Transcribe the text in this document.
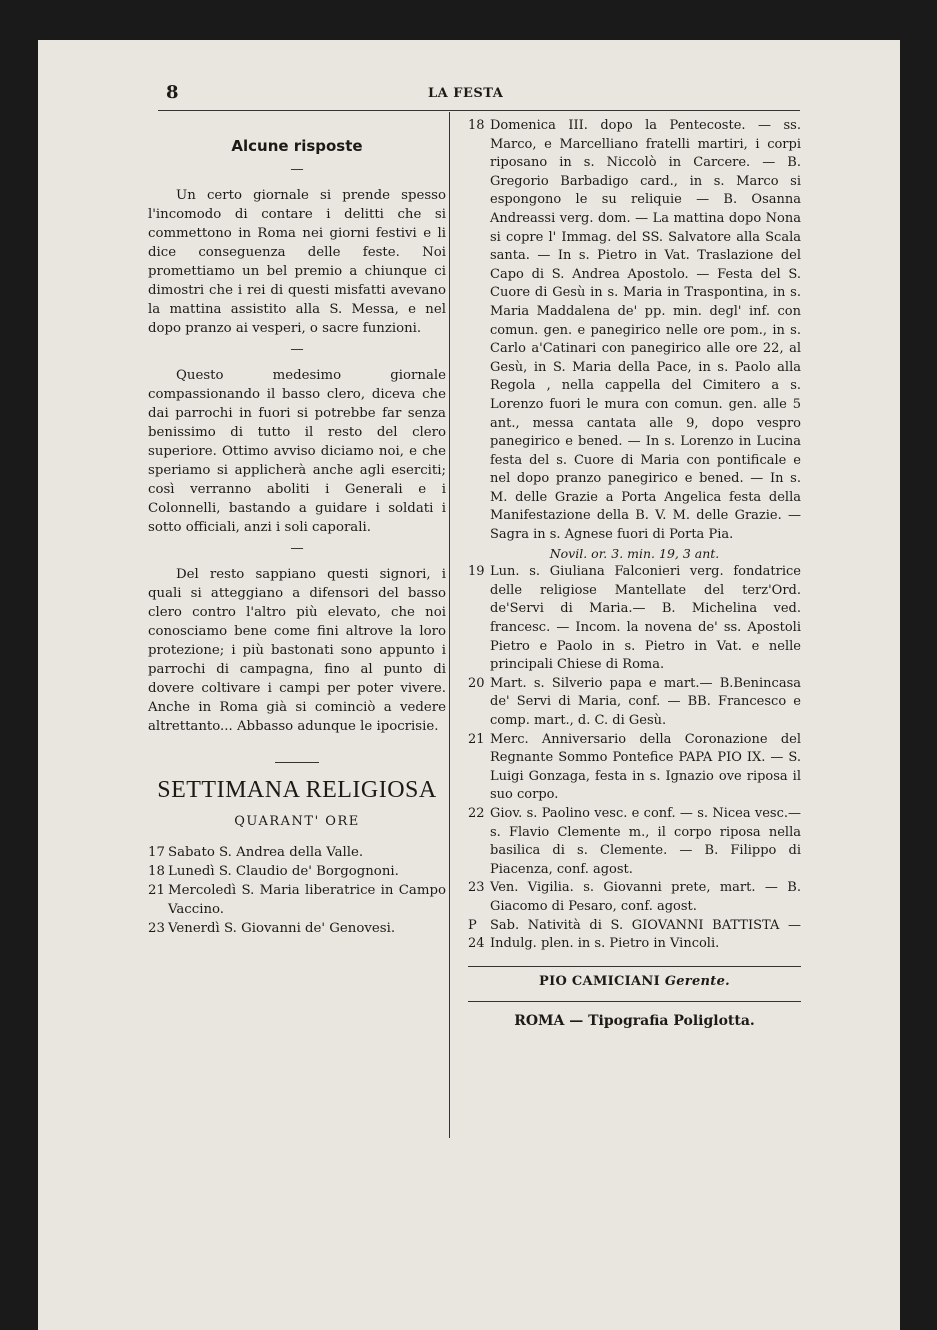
8	LA FESTA
Alcune risposte
—

Un certo giornale si prende spesso l'incomodo di contare i delitti che si commettono in Roma nei giorni festivi e li dice conseguenza delle feste. Noi promettiamo un bel premio a chiunque ci dimostri che i rei di questi misfatti avevano la mattina assistito alla S. Messa, e nel dopo pranzo ai vesperi, o sacre funzioni.

—

Questo medesimo giornale compassionando il basso clero, diceva che dai parrochi in fuori si potrebbe far senza benissimo di tutto il resto del clero superiore. Ottimo avviso diciamo noi, e che speriamo si applicherà anche agli eserciti; così verranno aboliti i Generali e i Colonnelli, bastando a guidare i soldati i sotto officiali, anzi i soli caporali.

—

Del resto sappiano questi signori, i quali si atteggiano a difensori del basso clero contro l'altro più elevato, che noi conosciamo bene come fini altrove la loro protezione; i più bastonati sono appunto i parrochi di campagna, fino al punto di dovere coltivare i campi per poter vivere. Anche in Roma già si cominciò a vedere altrettanto... Abbasso adunque le ipocrisie.

SETTIMANA RELIGIOSA
QUARANT' ORE
17 Sabato S. Andrea della Valle.
18 Lunedì S. Claudio de' Borgognoni.
21 Mercoledì S. Maria liberatrice in Campo Vaccino.
23 Venerdì S. Giovanni de' Genovesi.
18 Domenica III. dopo la Pentecoste. — ss. Marco, e Marcelliano fratelli martiri, i corpi riposano in s. Niccolò in Carcere. — B. Gregorio Barbadigo card., in s. Marco si espongono le su reliquie — B. Osanna Andreassi verg. dom. — La mattina dopo Nona si copre l' Immag. del SS. Salvatore alla Scala santa. — In s. Pietro in Vat. Traslazione del Capo di S. Andrea Apostolo. — Festa del S. Cuore di Gesù in s. Maria in Traspontina, in s. Maria Maddalena de' pp. min. degl' inf. con comun. gen. e panegirico nelle ore pom., in s. Carlo a'Catinari con panegirico alle ore 22, al Gesù, in S. Maria della Pace, in s. Paolo alla Regola , nella cappella del Cimitero a s. Lorenzo fuori le mura con comun. gen. alle 5 ant., messa cantata alle 9, dopo vespro panegirico e bened. — In s. Lorenzo in Lucina festa del s. Cuore di Maria con pontificale e nel dopo pranzo panegirico e bened. — In s. M. delle Grazie a Porta Angelica festa della Manifestazione della B. V. M. delle Grazie. — Sagra in s. Agnese fuori di Porta Pia.
Novil. or. 3. min. 19, 3 ant.
19 Lun. s. Giuliana Falconieri verg. fondatrice delle religiose Mantellate del terz'Ord. de'Servi di Maria.— B. Michelina ved. francesc. — Incom. la novena de' ss. Apostoli Pietro e Paolo in s. Pietro in Vat. e nelle principali Chiese di Roma.
20 Mart. s. Silverio papa e mart.— B.Benincasa de' Servi di Maria, conf. — BB. Francesco e comp. mart., d. C. di Gesù.
21 Merc. Anniversario della Coronazione del Regnante Sommo Pontefice PAPA PIO IX. — S. Luigi Gonzaga, festa in s. Ignazio ove riposa il suo corpo.
22 Giov. s. Paolino vesc. e conf. — s. Nicea vesc.— s. Flavio Clemente m., il corpo riposa nella basilica di s. Clemente. — B. Filippo di Piacenza, conf. agost.
23 Ven. Vigilia. s. Giovanni prete, mart. — B. Giacomo di Pesaro, conf. agost.
P 24
Sab. Natività di S. GIOVANNI BATTISTA — Indulg. plen. in s. Pietro in Vincoli.
PIO CAMICIANI Gerente.
ROMA — Tipografia Poliglotta.
